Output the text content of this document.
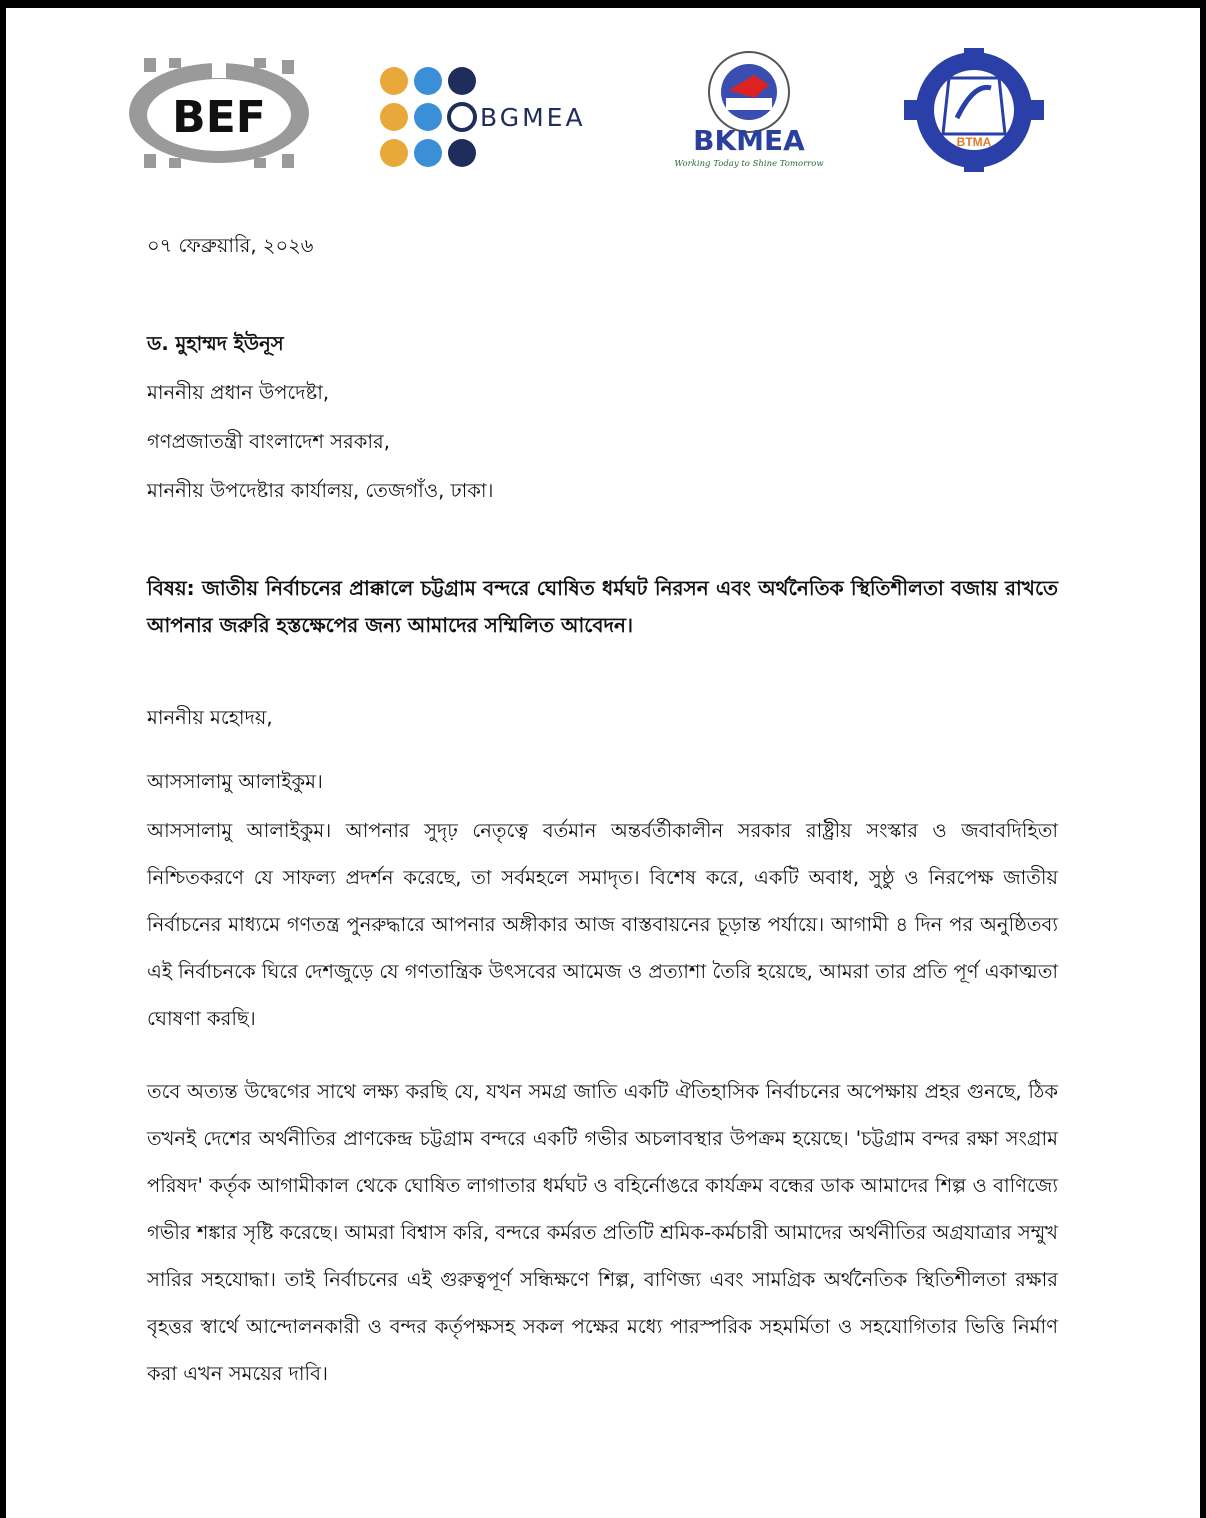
BEF	BGMEA
BKMEA
Working Today to Shine Tomorrow
BTMA
০৭ ফেব্রুয়ারি, ২০২৬
ড. মুহাম্মদ ইউনূস
মাননীয় প্রধান উপদেষ্টা,
গণপ্রজাতন্ত্রী বাংলাদেশ সরকার,
মাননীয় উপদেষ্টার কার্যালয়, তেজগাঁও, ঢাকা।
বিষয়: জাতীয় নির্বাচনের প্রাক্কালে চট্টগ্রাম বন্দরে ঘোষিত ধর্মঘট নিরসন এবং অর্থনৈতিক স্থিতিশীলতা বজায় রাখতে আপনার জরুরি হস্তক্ষেপের জন্য আমাদের সম্মিলিত আবেদন।
মাননীয় মহোদয়,
আসসালামু আলাইকুম।
আসসালামু আলাইকুম। আপনার সুদৃঢ় নেতৃত্বে বর্তমান অন্তর্বর্তীকালীন সরকার রাষ্ট্রীয় সংস্কার ও জবাবদিহিতা নিশ্চিতকরণে যে সাফল্য প্রদর্শন করেছে, তা সর্বমহলে সমাদৃত। বিশেষ করে, একটি অবাধ, সুষ্ঠু ও নিরপেক্ষ জাতীয় নির্বাচনের মাধ্যমে গণতন্ত্র পুনরুদ্ধারে আপনার অঙ্গীকার আজ বাস্তবায়নের চূড়ান্ত পর্যায়ে। আগামী ৪ দিন পর অনুষ্ঠিতব্য এই নির্বাচনকে ঘিরে দেশজুড়ে যে গণতান্ত্রিক উৎসবের আমেজ ও প্রত্যাশা তৈরি হয়েছে, আমরা তার প্রতি পূর্ণ একাত্মতা ঘোষণা করছি।
তবে অত্যন্ত উদ্বেগের সাথে লক্ষ্য করছি যে, যখন সমগ্র জাতি একটি ঐতিহাসিক নির্বাচনের অপেক্ষায় প্রহর গুনছে, ঠিক তখনই দেশের অর্থনীতির প্রাণকেন্দ্র চট্টগ্রাম বন্দরে একটি গভীর অচলাবস্থার উপক্রম হয়েছে। 'চট্টগ্রাম বন্দর রক্ষা সংগ্রাম পরিষদ' কর্তৃক আগামীকাল থেকে ঘোষিত লাগাতার ধর্মঘট ও বহির্নোঙরে কার্যক্রম বন্ধের ডাক আমাদের শিল্প ও বাণিজ্যে গভীর শঙ্কার সৃষ্টি করেছে। আমরা বিশ্বাস করি, বন্দরে কর্মরত প্রতিটি শ্রমিক-কর্মচারী আমাদের অর্থনীতির অগ্রযাত্রার সম্মুখ সারির সহযোদ্ধা। তাই নির্বাচনের এই গুরুত্বপূর্ণ সন্ধিক্ষণে শিল্প, বাণিজ্য এবং সামগ্রিক অর্থনৈতিক স্থিতিশীলতা রক্ষার বৃহত্তর স্বার্থে আন্দোলনকারী ও বন্দর কর্তৃপক্ষসহ সকল পক্ষের মধ্যে পারস্পরিক সহমর্মিতা ও সহযোগিতার ভিত্তি নির্মাণ করা এখন সময়ের দাবি।
